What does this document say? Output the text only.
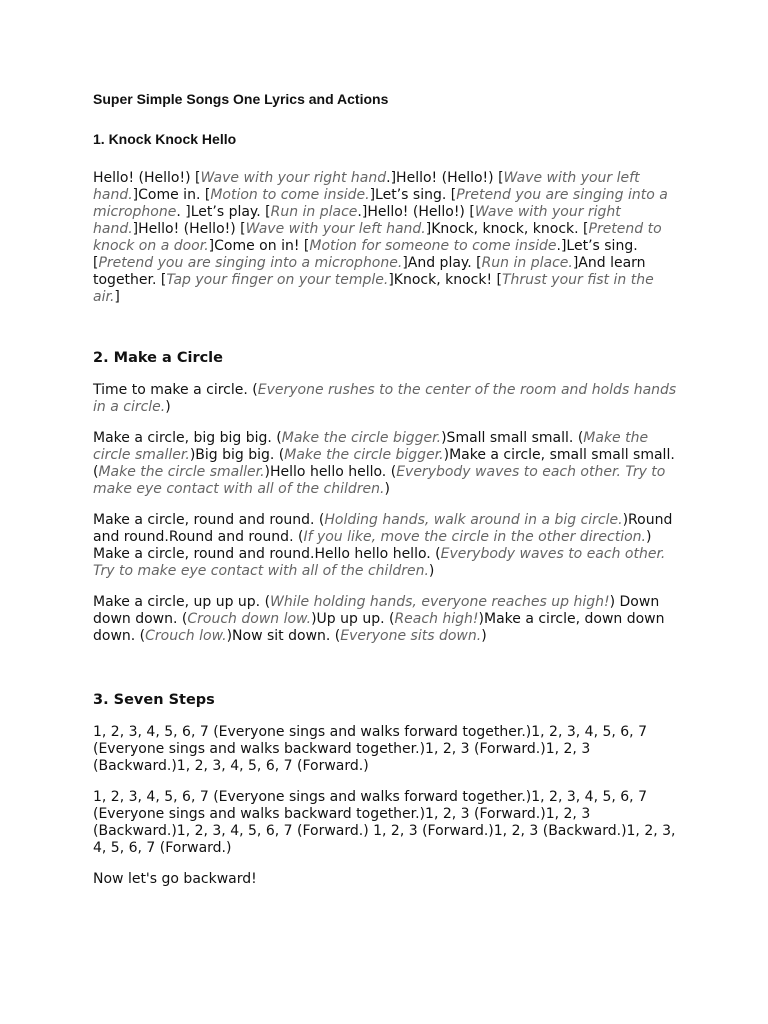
Super Simple Songs One Lyrics and Actions
1. Knock Knock Hello

Hello! (Hello!) [Wave with your right hand.]Hello! (Hello!) [Wave with your left hand.]Come in. [Motion to come inside.]Let’s sing. [Pretend you are singing into a microphone. ]Let’s play. [Run in place.]Hello! (Hello!) [Wave with your right hand.]Hello! (Hello!) [Wave with your left hand.]Knock, knock, knock. [Pretend to knock on a door.]Come on in! [Motion for someone to come inside.]Let’s sing. [Pretend you are singing into a microphone.]And play. [Run in place.]And learn together. [Tap your finger on your temple.]Knock, knock! [Thrust your fist in the air.]

2. Make a Circle

Time to make a circle. (Everyone rushes to the center of the room and holds hands in a circle.)

Make a circle, big big big. (Make the circle bigger.)Small small small. (Make the circle smaller.)Big big big. (Make the circle bigger.)Make a circle, small small small. (Make the circle smaller.)Hello hello hello. (Everybody waves to each other. Try to make eye contact with all of the children.)

Make a circle, round and round. (Holding hands, walk around in a big circle.)Round and round.Round and round. (If you like, move the circle in the other direction.) Make a circle, round and round.Hello hello hello. (Everybody waves to each other. Try to make eye contact with all of the children.)

Make a circle, up up up. (While holding hands, everyone reaches up high!) Down down down. (Crouch down low.)Up up up. (Reach high!)Make a circle, down down down. (Crouch low.)Now sit down. (Everyone sits down.)

3. Seven Steps

1, 2, 3, 4, 5, 6, 7 (Everyone sings and walks forward together.)1, 2, 3, 4, 5, 6, 7 (Everyone sings and walks backward together.)1, 2, 3 (Forward.)1, 2, 3 (Backward.)1, 2, 3, 4, 5, 6, 7 (Forward.)

1, 2, 3, 4, 5, 6, 7 (Everyone sings and walks forward together.)1, 2, 3, 4, 5, 6, 7 (Everyone sings and walks backward together.)1, 2, 3 (Forward.)1, 2, 3 (Backward.)1, 2, 3, 4, 5, 6, 7 (Forward.) 1, 2, 3 (Forward.)1, 2, 3 (Backward.)1, 2, 3, 4, 5, 6, 7 (Forward.)

Now let's go backward!
